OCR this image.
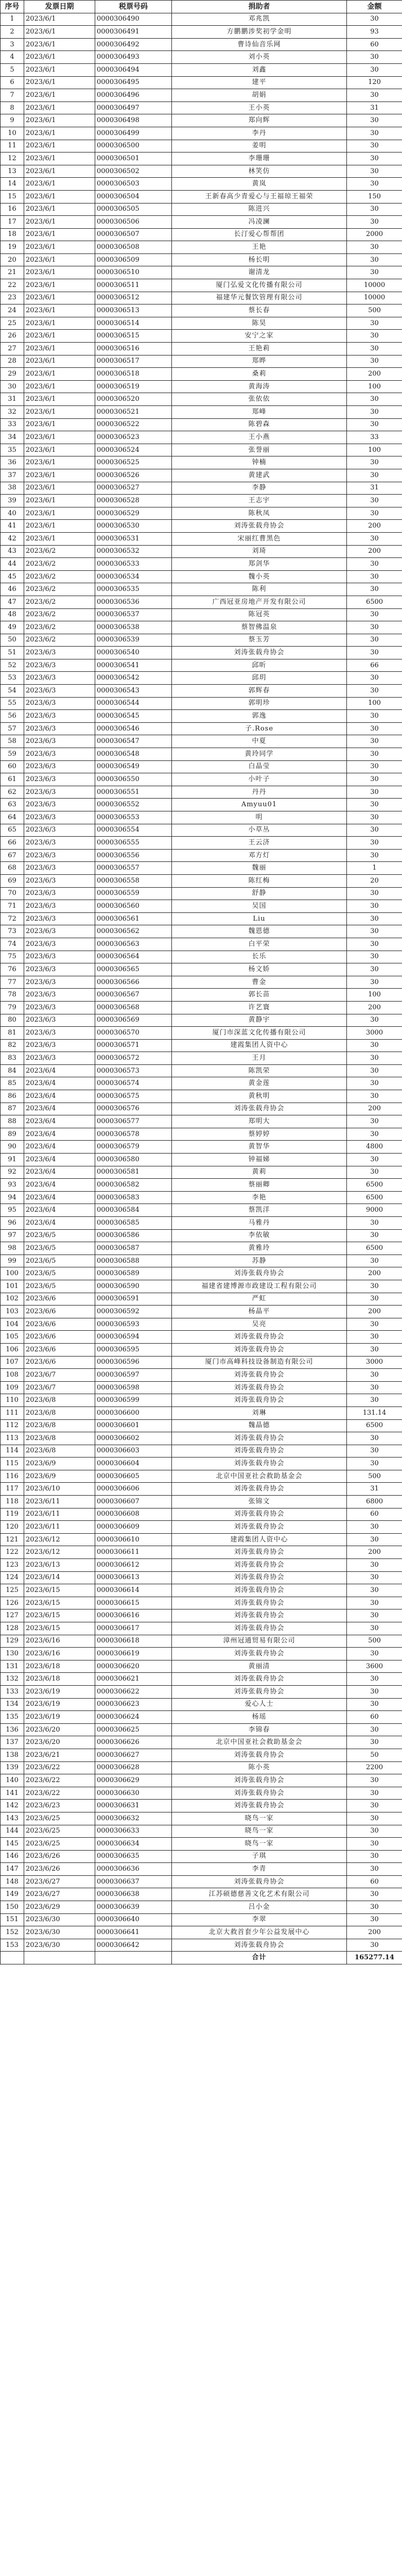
序号	发票日期	税票号码	捐助者	金额
1	2023/6/1	0000306490	邓兆凯	30
2	2023/6/1	0000306491	方鹏鹏涉奖初学金明	93
3	2023/6/1	0000306492	曹诗仙音乐网	60
4	2023/6/1	0000306493	刘小英	30
5	2023/6/1	0000306494	刘鑫	30
6	2023/6/1	0000306495	建平	120
7	2023/6/1	0000306496	胡娟	30
8	2023/6/1	0000306497	王小英	31
9	2023/6/1	0000306498	郑向辉	30
10	2023/6/1	0000306499	李丹	30
11	2023/6/1	0000306500	姜明	30
12	2023/6/1	0000306501	李珊珊	30
13	2023/6/1	0000306502	林笑仿	30
14	2023/6/1	0000306503	黄岚	30
15	2023/6/1	0000306504	王新春高少青爱心与王福琼王福荣	150
16	2023/6/1	0000306505	陈进兴	30
17	2023/6/1	0000306506	冯凌澜	30
18	2023/6/1	0000306507	长汀爱心帮帮团	2000
19	2023/6/1	0000306508	王艳	30
20	2023/6/1	0000306509	杨长明	30
21	2023/6/1	0000306510	谢清龙	30
22	2023/6/1	0000306511	厦门弘爱文化传播有限公司	10000
23	2023/6/1	0000306512	福建华元餐饮管理有限公司	10000
24	2023/6/1	0000306513	蔡长春	500
25	2023/6/1	0000306514	陈昊	30
26	2023/6/1	0000306515	安宁之家	30
27	2023/6/1	0000306516	王艳莉	30
28	2023/6/1	0000306517	郑晔	30
29	2023/6/1	0000306518	桑莉	200
30	2023/6/1	0000306519	黄海涛	100
31	2023/6/1	0000306520	张依依	30
32	2023/6/1	0000306521	郑峰	30
33	2023/6/1	0000306522	陈碧森	30
34	2023/6/1	0000306523	王小燕	33
35	2023/6/1	0000306524	张誉丽	100
36	2023/6/1	0000306525	钟楠	30
37	2023/6/1	0000306526	黄建武	30
38	2023/6/1	0000306527	李静	31
39	2023/6/1	0000306528	王志宇	30
40	2023/6/1	0000306529	陈秋凤	30
41	2023/6/1	0000306530	刘涛张载舟协会	200
42	2023/6/1	0000306531	宋丽红曹黑色	30
43	2023/6/2	0000306532	刘琦	200
44	2023/6/2	0000306533	郑剑华	30
45	2023/6/2	0000306534	魏小英	30
46	2023/6/2	0000306535	陈利	30
47	2023/6/2	0000306536	广西冠亚房地产开发有限公司	6500
48	2023/6/2	0000306537	陈冠英	30
49	2023/6/2	0000306538	蔡智佛温泉	30
50	2023/6/2	0000306539	蔡玉芳	30
51	2023/6/3	0000306540	刘涛张载舟协会	30
52	2023/6/3	0000306541	邱昕	66
53	2023/6/3	0000306542	邱玥	30
54	2023/6/3	0000306543	郭辉春	30
55	2023/6/3	0000306544	郭明珍	100
56	2023/6/3	0000306545	郭逸	30
57	2023/6/3	0000306546	子.Rose	30
58	2023/6/3	0000306547	中夏	30
59	2023/6/3	0000306548	黄玲同学	30
60	2023/6/3	0000306549	白晶莹	30
61	2023/6/3	0000306550	小叶子	30
62	2023/6/3	0000306551	丹丹	30
63	2023/6/3	0000306552	Amyuu01	30
64	2023/6/3	0000306553	明	30
65	2023/6/3	0000306554	小草丛	30
66	2023/6/3	0000306555	王云济	30
67	2023/6/3	0000306556	邓方灯	30
68	2023/6/3	0000306557	魏丽	1
69	2023/6/3	0000306558	陈红梅	20
70	2023/6/3	0000306559	舒静	30
71	2023/6/3	0000306560	吴国	30
72	2023/6/3	0000306561	Liu	30
73	2023/6/3	0000306562	魏恩德	30
74	2023/6/3	0000306563	白平荣	30
75	2023/6/3	0000306564	长乐	30
76	2023/6/3	0000306565	杨文娇	30
77	2023/6/3	0000306566	曹金	30
78	2023/6/3	0000306567	郭长苗	100
79	2023/6/3	0000306568	许艺寰	200
80	2023/6/3	0000306569	黄静宇	30
81	2023/6/3	0000306570	厦门市深蓝文化传播有限公司	3000
82	2023/6/3	0000306571	建霞集团人资中心	30
83	2023/6/3	0000306572	王月	30
84	2023/6/4	0000306573	陈凯荣	30
85	2023/6/4	0000306574	黄金莲	30
86	2023/6/4	0000306575	黄秋明	30
87	2023/6/4	0000306576	刘涛张载舟协会	200
88	2023/6/4	0000306577	郑明大	30
89	2023/6/4	0000306578	蔡婷婷	30
90	2023/6/4	0000306579	黄智华	4800
91	2023/6/4	0000306580	钟福娣	30
92	2023/6/4	0000306581	黄莉	30
93	2023/6/4	0000306582	蔡丽卿	6500
94	2023/6/4	0000306583	李艳	6500
95	2023/6/4	0000306584	蔡凯洋	9000
96	2023/6/4	0000306585	马雅丹	30
97	2023/6/5	0000306586	李依敏	30
98	2023/6/5	0000306587	黄雅玲	6500
99	2023/6/5	0000306588	苏静	30
100	2023/6/5	0000306589	刘涛张载舟协会	200
101	2023/6/5	0000306590	福建省建博源市政建设工程有限公司	30
102	2023/6/6	0000306591	严虹	30
103	2023/6/6	0000306592	杨晶平	200
104	2023/6/6	0000306593	吴亮	30
105	2023/6/6	0000306594	刘涛张载舟协会	30
106	2023/6/6	0000306595	刘涛张载舟协会	30
107	2023/6/6	0000306596	厦门市高峰科技设备制造有限公司	3000
108	2023/6/7	0000306597	刘涛张载舟协会	30
109	2023/6/7	0000306598	刘涛张载舟协会	30
110	2023/6/8	0000306599	刘涛张载舟协会	30
111	2023/6/8	0000306600	刘琳	131.14
112	2023/6/8	0000306601	魏晶德	6500
113	2023/6/8	0000306602	刘涛张载舟协会	30
114	2023/6/8	0000306603	刘涛张载舟协会	30
115	2023/6/9	0000306604	刘涛张载舟协会	30
116	2023/6/9	0000306605	北京中国亚社会救助基金会	500
117	2023/6/10	0000306606	刘涛张载舟协会	31
118	2023/6/11	0000306607	张锦文	6800
119	2023/6/11	0000306608	刘涛张载舟协会	60
120	2023/6/11	0000306609	刘涛张载舟协会	30
121	2023/6/12	0000306610	建霞集团人资中心	30
122	2023/6/12	0000306611	刘涛张载舟协会	200
123	2023/6/13	0000306612	刘涛张载舟协会	30
124	2023/6/14	0000306613	刘涛张载舟协会	30
125	2023/6/15	0000306614	刘涛张载舟协会	30
126	2023/6/15	0000306615	刘涛张载舟协会	30
127	2023/6/15	0000306616	刘涛张载舟协会	30
128	2023/6/15	0000306617	刘涛张载舟协会	30
129	2023/6/16	0000306618	漳州冠通贸易有限公司	500
130	2023/6/16	0000306619	刘涛张载舟协会	30
131	2023/6/18	0000306620	黄丽清	3600
132	2023/6/18	0000306621	刘涛张载舟协会	30
133	2023/6/19	0000306622	刘涛张载舟协会	30
134	2023/6/19	0000306623	爱心人士	30
135	2023/6/19	0000306624	杨瑶	60
136	2023/6/20	0000306625	李锦春	30
137	2023/6/20	0000306626	北京中国亚社会救助基金会	30
138	2023/6/21	0000306627	刘涛张载舟协会	50
139	2023/6/22	0000306628	陈小英	2200
140	2023/6/22	0000306629	刘涛张载舟协会	30
141	2023/6/22	0000306630	刘涛张载舟协会	30
142	2023/6/23	0000306631	刘涛张载舟协会	30
143	2023/6/25	0000306632	晓鸟一家	30
144	2023/6/25	0000306633	晓鸟一家	30
145	2023/6/25	0000306634	晓鸟一家	30
146	2023/6/26	0000306635	子琪	30
147	2023/6/26	0000306636	李青	30
148	2023/6/27	0000306637	刘涛张载舟协会	60
149	2023/6/27	0000306638	江苏硕德慈善文化艺术有限公司	30
150	2023/6/29	0000306639	吕小金	30
151	2023/6/30	0000306640	李翠	30
152	2023/6/30	0000306641	北京大救首套少年公益发展中心	200
153	2023/6/30	0000306642	刘涛张载舟协会	30
			合计	165277.14
